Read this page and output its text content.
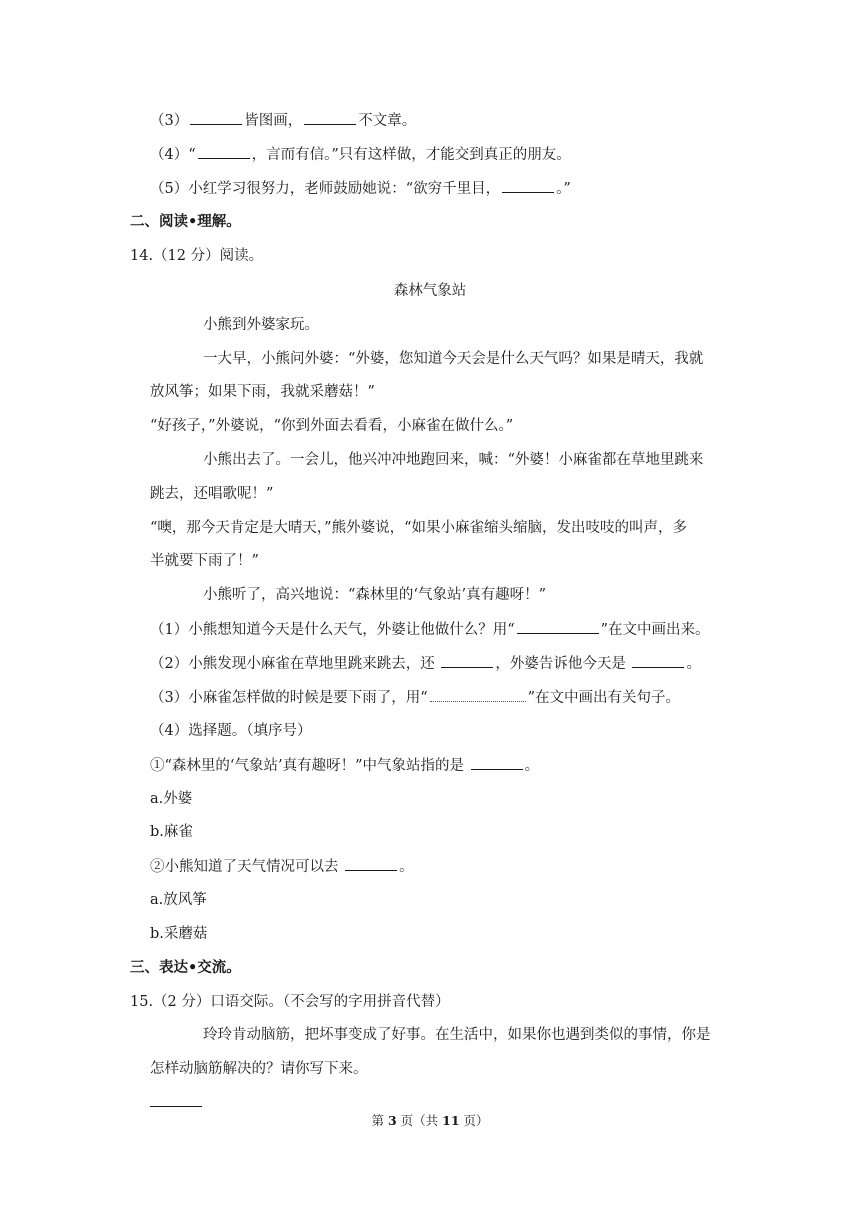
（3）	皆图画，	不文章。
（4）“	，言而有信。”只有这样做，才能交到真正的朋友。
（5）小红学习很努力，老师鼓励她说：“欲穷千里目，	。”
二、阅读•理解。
14.（12 分）阅读。
森林气象站
小熊到外婆家玩。
一大早，小熊问外婆：“外婆，您知道今天会是什么天气吗？如果是晴天，我就
放风筝；如果下雨，我就采蘑菇！”
“好孩子，”外婆说，“你到外面去看看，小麻雀在做什么。”
小熊出去了。一会儿，他兴冲冲地跑回来，喊：“外婆！小麻雀都在草地里跳来
跳去，还唱歌呢！”
“噢，那今天肯定是大晴天，”熊外婆说，“如果小麻雀缩头缩脑，发出吱吱的叫声，多
半就要下雨了！”
小熊听了，高兴地说：“森林里的‘气象站’真有趣呀！”
（1）小熊想知道今天是什么天气，外婆让他做什么？用“	”在文中画出来。
（2）小熊发现小麻雀在草地里跳来跳去，还	，外婆告诉他今天是	。
（3）小麻雀怎样做的时候是要下雨了，用“	”在文中画出有关句子。
（4）选择题。（填序号）
①“森林里的‘气象站’真有趣呀！”中气象站指的是	。
a.外婆
b.麻雀
②小熊知道了天气情况可以去	。
a.放风筝
b.采蘑菇
三、表达•交流。
15.（2 分）口语交际。（不会写的字用拼音代替）
玲玲肯动脑筋，把坏事变成了好事。在生活中，如果你也遇到类似的事情，你是
怎样动脑筋解决的？请你写下来。
第 3 页（共 11 页）
